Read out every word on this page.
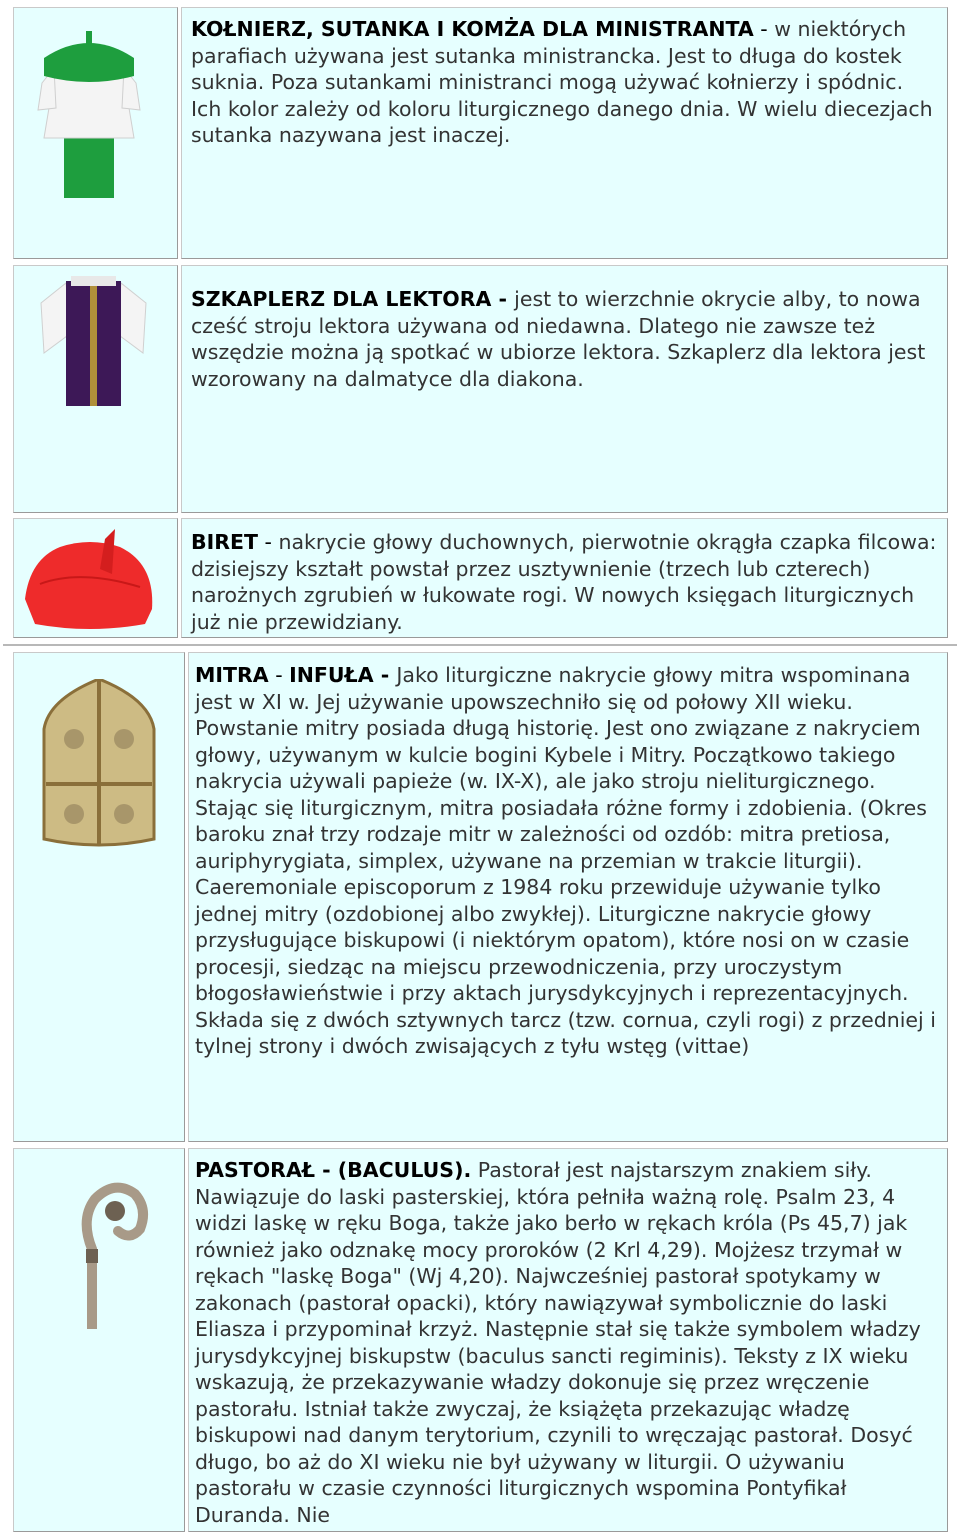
KOŁNIERZ, SUTANKA I KOMŻA DLA MINISTRANTA - w niektórych parafiach używana jest sutanka ministrancka. Jest to długa do kostek suknia. Poza sutankami ministranci mogą używać kołnierzy i spódnic. Ich kolor zależy od koloru liturgicznego danego dnia. W wielu diecezjach sutanka nazywana jest inaczej.

SZKAPLERZ DLA LEKTORA - jest to wierzchnie okrycie alby, to nowa cześć stroju lektora używana od niedawna. Dlatego nie zawsze też wszędzie można ją spotkać w ubiorze lektora. Szkaplerz dla lektora jest wzorowany na dalmatyce dla diakona.

BIRET - nakrycie głowy duchownych, pierwotnie okrągła czapka filcowa: dzisiejszy kształt powstał przez usztywnienie (trzech lub czterech) narożnych zgrubień w łukowate rogi. W nowych księgach liturgicznych już nie przewidziany.

MITRA - INFUŁA - Jako liturgiczne nakrycie głowy mitra wspominana jest w XI w. Jej używanie upowszechniło się od połowy XII wieku. Powstanie mitry posiada długą historię. Jest ono związane z nakryciem głowy, używanym w kulcie bogini Kybele i Mitry. Początkowo takiego nakrycia używali papieże (w. IX-X), ale jako stroju nieliturgicznego. Stając się liturgicznym, mitra posiadała różne formy i zdobienia. (Okres baroku znał trzy rodzaje mitr w zależności od ozdób: mitra pretiosa, auriphyrygiata, simplex, używane na przemian w trakcie liturgii). Caeremoniale episcoporum z 1984 roku przewiduje używanie tylko jednej mitry (ozdobionej albo zwykłej). Liturgiczne nakrycie głowy przysługujące biskupowi (i niektórym opatom), które nosi on w czasie procesji, siedząc na miejscu przewodniczenia, przy uroczystym błogosławieństwie i przy aktach jurysdykcyjnych i reprezentacyjnych. Składa się z dwóch sztywnych tarcz (tzw. cornua, czyli rogi) z przedniej i tylnej strony i dwóch zwisających z tyłu wstęg (vittae)

PASTORAŁ - (BACULUS). Pastorał jest najstarszym znakiem siły. Nawiązuje do laski pasterskiej, która pełniła ważną rolę. Psalm 23, 4 widzi laskę w ręku Boga, także jako berło w rękach króla (Ps 45,7) jak również jako odznakę mocy proroków (2 Krl 4,29). Mojżesz trzymał w rękach "laskę Boga" (Wj 4,20). Najwcześniej pastorał spotykamy w zakonach (pastorał opacki), który nawiązywał symbolicznie do laski Eliasza i przypominał krzyż. Następnie stał się także symbolem władzy jurysdykcyjnej biskupstw (baculus sancti regiminis). Teksty z IX wieku wskazują, że przekazywanie władzy dokonuje się przez wręczenie pastorału. Istniał także zwyczaj, że książęta przekazując władzę biskupowi nad danym terytorium, czynili to wręczając pastorał. Dosyć długo, bo aż do XI wieku nie był używany w liturgii. O używaniu pastorału w czasie czynności liturgicznych wspomina Pontyfikał Duranda. Nie
